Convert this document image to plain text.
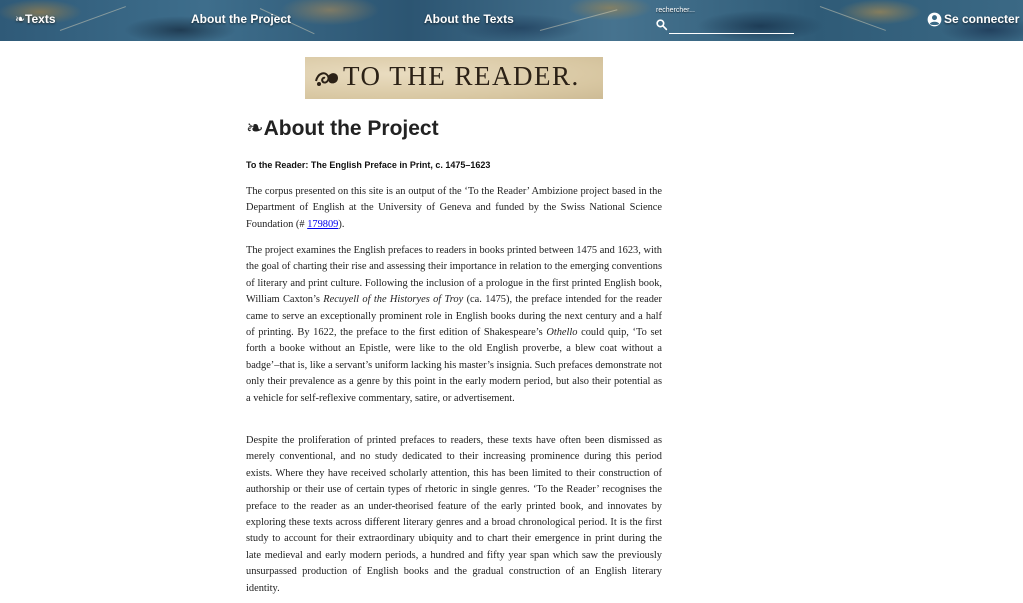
❧Texts	About the Project	About the Texts
rechercher...
Se connecter
TO THE READER.
❧About the Project

To the Reader: The English Preface in Print, c. 1475–1623

The corpus presented on this site is an output of the ‘To the Reader’ Ambizione project based in the Department of English at the University of Geneva and funded by the Swiss National Science Foundation (# 179809).

The project examines the English prefaces to readers in books printed between 1475 and 1623, with the goal of charting their rise and assessing their importance in relation to the emerging conventions of literary and print culture. Following the inclusion of a prologue in the first printed English book, William Caxton’s Recuyell of the Historyes of Troy (ca. 1475), the preface intended for the reader came to serve an exceptionally prominent role in English books during the next century and a half of printing. By 1622, the preface to the first edition of Shakespeare’s Othello could quip, ‘To set forth a booke without an Epistle, were like to the old English proverbe, a blew coat without a badge’–that is, like a servant’s uniform lacking his master’s insignia. Such prefaces demonstrate not only their prevalence as a genre by this point in the early modern period, but also their potential as a vehicle for self-reflexive commentary, satire, or advertisement.

Despite the proliferation of printed prefaces to readers, these texts have often been dismissed as merely conventional, and no study dedicated to their increasing prominence during this period exists. Where they have received scholarly attention, this has been limited to their construction of authorship or their use of certain types of rhetoric in single genres. ‘To the Reader’ recognises the preface to the reader as an under-theorised feature of the early printed book, and innovates by exploring these texts across different literary genres and a broad chronological period. It is the first study to account for their extraordinary ubiquity and to chart their emergence in print during the late medieval and early modern periods, a hundred and fifty year span which saw the previously unsurpassed production of English books and the gradual construction of an English literary identity.
